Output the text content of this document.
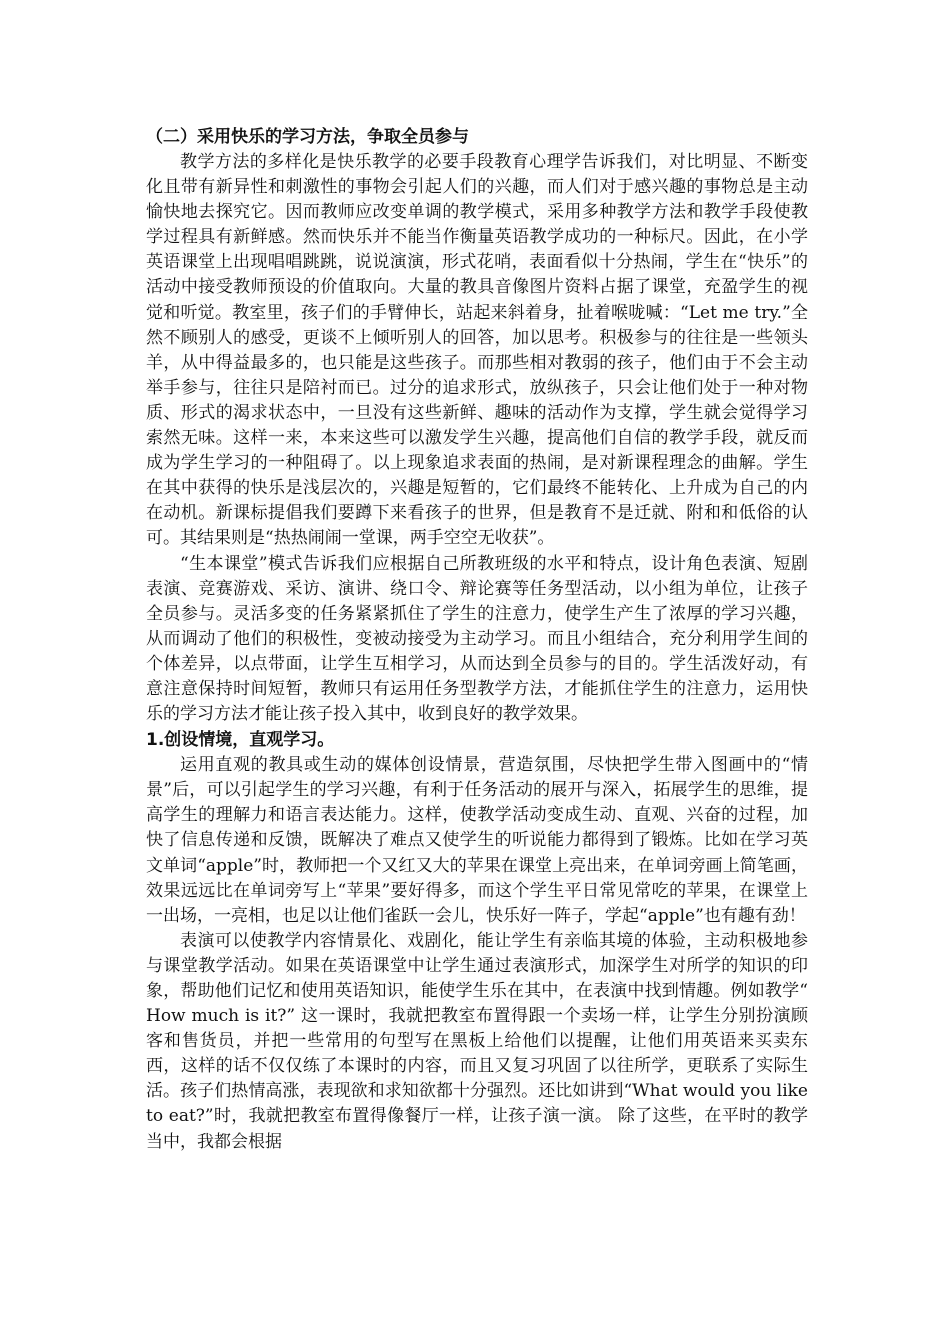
（二）采用快乐的学习方法，争取全员参与

教学方法的多样化是快乐教学的必要手段教育心理学告诉我们，对比明显、不断变化且带有新异性和刺激性的事物会引起人们的兴趣，而人们对于感兴趣的事物总是主动愉快地去探究它。因而教师应改变单调的教学模式，采用多种教学方法和教学手段使教学过程具有新鲜感。然而快乐并不能当作衡量英语教学成功的一种标尺。因此，在小学英语课堂上出现唱唱跳跳，说说演演，形式花哨，表面看似十分热闹，学生在“快乐”的活动中接受教师预设的价值取向。大量的教具音像图片资料占据了课堂，充盈学生的视觉和听觉。教室里，孩子们的手臂伸长，站起来斜着身，扯着喉咙喊：“Let me try.”全然不顾别人的感受，更谈不上倾听别人的回答，加以思考。积极参与的往往是一些领头羊，从中得益最多的，也只能是这些孩子。而那些相对教弱的孩子，他们由于不会主动举手参与，往往只是陪衬而已。过分的追求形式，放纵孩子，只会让他们处于一种对物质、形式的渴求状态中，一旦没有这些新鲜、趣味的活动作为支撑，学生就会觉得学习索然无味。这样一来，本来这些可以激发学生兴趣，提高他们自信的教学手段，就反而成为学生学习的一种阻碍了。以上现象追求表面的热闹，是对新课程理念的曲解。学生在其中获得的快乐是浅层次的，兴趣是短暂的，它们最终不能转化、上升成为自己的内在动机。新课标提倡我们要蹲下来看孩子的世界，但是教育不是迁就、附和和低俗的认可。其结果则是“热热闹闹一堂课，两手空空无收获”。

“生本课堂”模式告诉我们应根据自己所教班级的水平和特点，设计角色表演、短剧表演、竞赛游戏、采访、演讲、绕口令、辩论赛等任务型活动，以小组为单位，让孩子全员参与。灵活多变的任务紧紧抓住了学生的注意力，使学生产生了浓厚的学习兴趣，从而调动了他们的积极性，变被动接受为主动学习。而且小组结合，充分利用学生间的个体差异，以点带面，让学生互相学习，从而达到全员参与的目的。学生活泼好动，有意注意保持时间短暂，教师只有运用任务型教学方法，才能抓住学生的注意力，运用快乐的学习方法才能让孩子投入其中，收到良好的教学效果。

1.创设情境，直观学习。

运用直观的教具或生动的媒体创设情景，营造氛围，尽快把学生带入图画中的“情景”后，可以引起学生的学习兴趣，有利于任务活动的展开与深入，拓展学生的思维，提高学生的理解力和语言表达能力。这样，使教学活动变成生动、直观、兴奋的过程，加快了信息传递和反馈，既解决了难点又使学生的听说能力都得到了锻炼。比如在学习英文单词“apple”时，教师把一个又红又大的苹果在课堂上亮出来，在单词旁画上简笔画，效果远远比在单词旁写上“苹果”要好得多，而这个学生平日常见常吃的苹果，在课堂上一出场，一亮相，也足以让他们雀跃一会儿，快乐好一阵子，学起“apple”也有趣有劲！

表演可以使教学内容情景化、戏剧化，能让学生有亲临其境的体验，主动积极地参与课堂教学活动。如果在英语课堂中让学生通过表演形式，加深学生对所学的知识的印象，帮助他们记忆和使用英语知识，能使学生乐在其中，在表演中找到情趣。例如教学“ How much is it?” 这一课时，我就把教室布置得跟一个卖场一样，让学生分别扮演顾客和售货员，并把一些常用的句型写在黑板上给他们以提醒，让他们用英语来买卖东西，这样的话不仅仅练了本课时的内容，而且又复习巩固了以往所学，更联系了实际生活。孩子们热情高涨，表现欲和求知欲都十分强烈。还比如讲到“What would you like to eat?”时，我就把教室布置得像餐厅一样，让孩子演一演。 除了这些，在平时的教学当中，我都会根据
